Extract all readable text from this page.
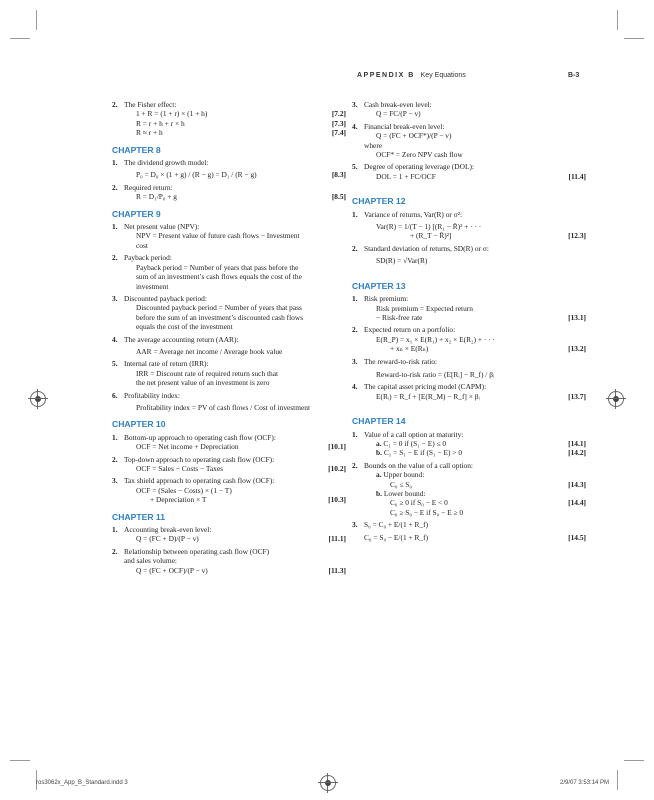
APPENDIX B Key Equations	B-3
2. The Fisher effect:
1 + R = (1 + r) × (1 + h)	[7.2]
R = r + h + r × h	[7.3]
R ≈ r + h	[7.4]
CHAPTER 8
1. The dividend growth model:
P₀ = D₀ × (1 + g) / (R − g) = D₁ / (R − g)	[8.3]
2. Required return:
R = D₁/P₀ + g	[8.5]
CHAPTER 9
1. Net present value (NPV):
NPV = Present value of future cash flows − Investment
cost
2. Payback period:
Payback period = Number of years that pass before the
sum of an investment’s cash flows equals the cost of the
investment
3. Discounted payback period:
Discounted payback period = Number of years that pass
before the sum of an investment’s discounted cash flows
equals the cost of the investment
4. The average accounting return (AAR):
AAR = Average net income / Average book value
5. Internal rate of return (IRR):
IRR = Discount rate of required return such that
the net present value of an investment is zero
6. Profitability index:
Profitability index = PV of cash flows / Cost of investment
CHAPTER 10
1. Bottom-up approach to operating cash flow (OCF):
OCF = Net income + Depreciation	[10.1]
2. Top-down approach to operating cash flow (OCF):
OCF = Sales − Costs − Taxes	[10.2]
3. Tax shield approach to operating cash flow (OCF):
OCF = (Sales − Costs) × (1 − T)
+ Depreciation × T	[10.3]
CHAPTER 11
1. Accounting break-even level:
Q = (FC + D)/(P − v)	[11.1]
2. Relationship between operating cash flow (OCF)
and sales volume:
Q = (FC + OCF)/(P − v)	[11.3]
3. Cash break-even level:
Q = FC/(P − v)
4. Financial break-even level:
Q = (FC + OCF*)/(P − v)
where
OCF* = Zero NPV cash flow
5. Degree of operating leverage (DOL):
DOL = 1 + FC/OCF	[11.4]
CHAPTER 12
1. Variance of returns, Var(R) or σ²:
Var(R) = 1/(T − 1) [(R₁ − R̄)² + · · ·
+ (R_T − R̄)²]	[12.3]
2. Standard deviation of returns, SD(R) or σ:
SD(R) = √Var(R)
CHAPTER 13
1. Risk premium:
Risk premium = Expected return
− Risk-free rate	[13.1]
2. Expected return on a portfolio:
E(R_P) = x₁ × E(R₁) + x₂ × E(R₂) + · · ·
+ xₙ × E(Rₙ)	[13.2]
3. The reward-to-risk ratio:
Reward-to-risk ratio = (E[Rᵢ] − R_f) / βᵢ
4. The capital asset pricing model (CAPM):
E(Rᵢ) = R_f + [E(R_M) − R_f] × βᵢ	[13.7]
CHAPTER 14
1. Value of a call option at maturity:
a. C₁ = 0 if (S₁ − E) ≤ 0	[14.1]
b. C₁ = S₁ − E if (S₁ − E) > 0	[14.2]
2. Bounds on the value of a call option:
a. Upper bound:
C₀ ≤ S₀	[14.3]
b. Lower bound:
C₀ ≥ 0 if S₀ − E < 0	[14.4]
C₀ ≥ S₀ − E if S₀ − E ≥ 0
3. S₀ = C₀ + E/(1 + R_f)
C₀ = S₀ − E/(1 + R_f)	[14.5]
ros3062x_App_B_Standard.indd 3	2/9/07 3:53:14 PM
